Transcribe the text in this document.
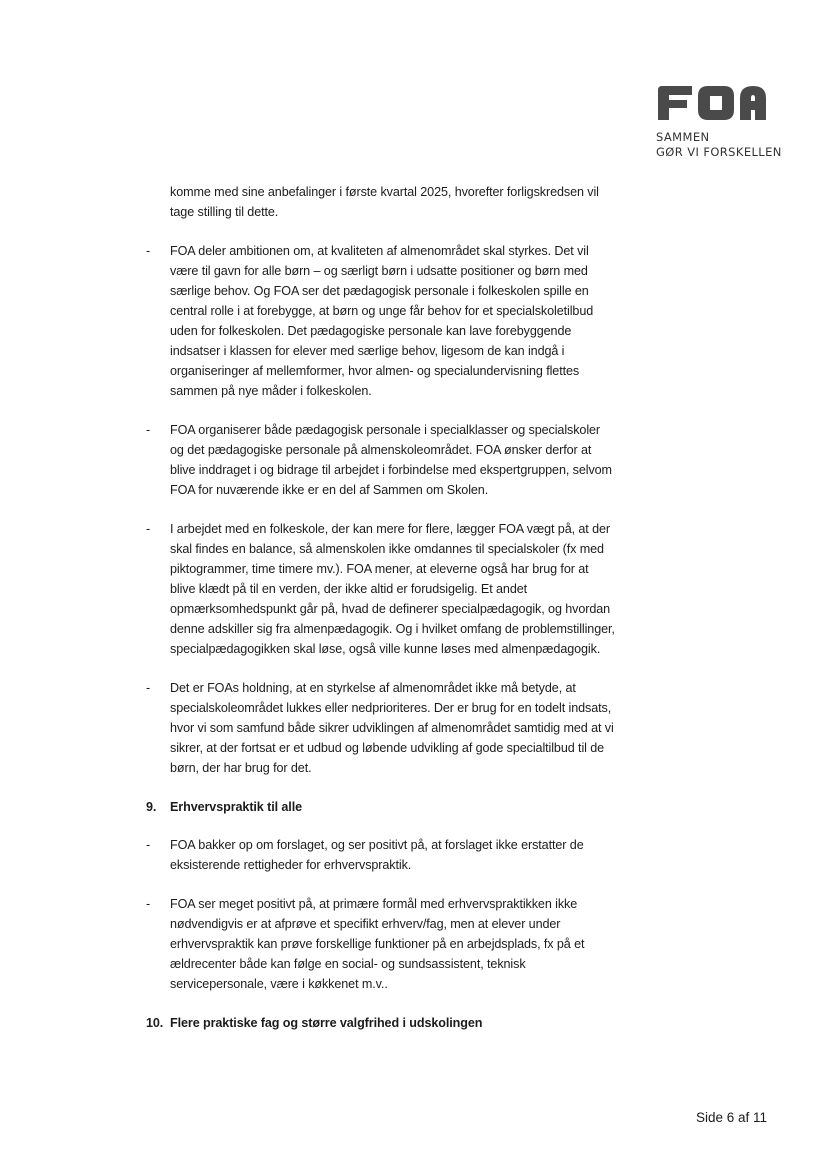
SAMMEN
GØR VI FORSKELLEN

komme med sine anbefalinger i første kvartal 2025, hvorefter forligskredsen vil tage stilling til dette.

- FOA deler ambitionen om, at kvaliteten af almenområdet skal styrkes. Det vil være til gavn for alle børn – og særligt børn i udsatte positioner og børn med særlige behov. Og FOA ser det pædagogisk personale i folkeskolen spille en central rolle i at forebygge, at børn og unge får behov for et specialskoletilbud uden for folkeskolen. Det pædagogiske personale kan lave forebyggende indsatser i klassen for elever med særlige behov, ligesom de kan indgå i organiseringer af mellemformer, hvor almen- og specialundervisning flettes sammen på nye måder i folkeskolen.
- FOA organiserer både pædagogisk personale i specialklasser og specialskoler og det pædagogiske personale på almenskoleområdet. FOA ønsker derfor at blive inddraget i og bidrage til arbejdet i forbindelse med ekspertgruppen, selvom FOA for nuværende ikke er en del af Sammen om Skolen.
- I arbejdet med en folkeskole, der kan mere for flere, lægger FOA vægt på, at der skal findes en balance, så almenskolen ikke omdannes til specialskoler (fx med piktogrammer, time timere mv.). FOA mener, at eleverne også har brug for at blive klædt på til en verden, der ikke altid er forudsigelig. Et andet opmærksomhedspunkt går på, hvad de definerer specialpædagogik, og hvordan denne adskiller sig fra almenpædagogik. Og i hvilket omfang de problemstillinger, specialpædagogikken skal løse, også ville kunne løses med almenpædagogik.
- Det er FOAs holdning, at en styrkelse af almenområdet ikke må betyde, at specialskoleområdet lukkes eller nedprioriteres. Der er brug for en todelt indsats, hvor vi som samfund både sikrer udviklingen af almenområdet samtidig med at vi sikrer, at der fortsat er et udbud og løbende udvikling af gode specialtilbud til de børn, der har brug for det.
9. Erhvervspraktik til alle
- FOA bakker op om forslaget, og ser positivt på, at forslaget ikke erstatter de eksisterende rettigheder for erhvervspraktik.
- FOA ser meget positivt på, at primære formål med erhvervspraktikken ikke nødvendigvis er at afprøve et specifikt erhverv/fag, men at elever under erhvervspraktik kan prøve forskellige funktioner på en arbejdsplads, fx på et ældrecenter både kan følge en social- og sundsassistent, teknisk servicepersonale, være i køkkenet m.v..
10. Flere praktiske fag og større valgfrihed i udskolingen
Side 6 af 11
